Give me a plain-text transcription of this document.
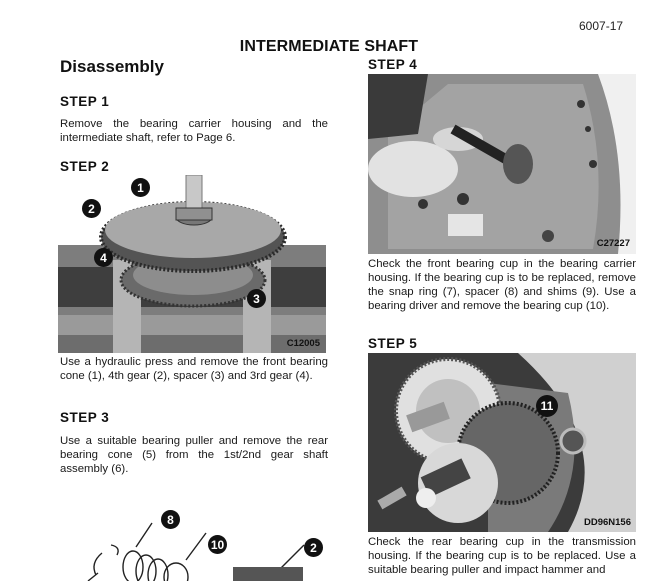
6007-17
INTERMEDIATE SHAFT
Disassembly
STEP 1
Remove the bearing carrier housing and the intermediate shaft, refer to Page 6.
STEP 2
1
2
4
3
C12005
Use a hydraulic press and remove the front bearing cone (1), 4th gear (2), spacer (3) and 3rd gear (4).
STEP 3
Use a suitable bearing puller and remove the rear bearing cone (5) from the 1st/2nd gear shaft assembly (6).
8
10	2
STEP 4
C27227
Check the front bearing cup in the bearing carrier housing. If the bearing cup is to be replaced, remove the snap ring (7), spacer (8) and shims (9). Use a bearing driver and remove the bearing cup (10).
STEP 5
11
DD96N156
Check the rear bearing cup in the transmission housing. If the bearing cup is to be replaced. Use a suitable bearing puller and impact hammer and
